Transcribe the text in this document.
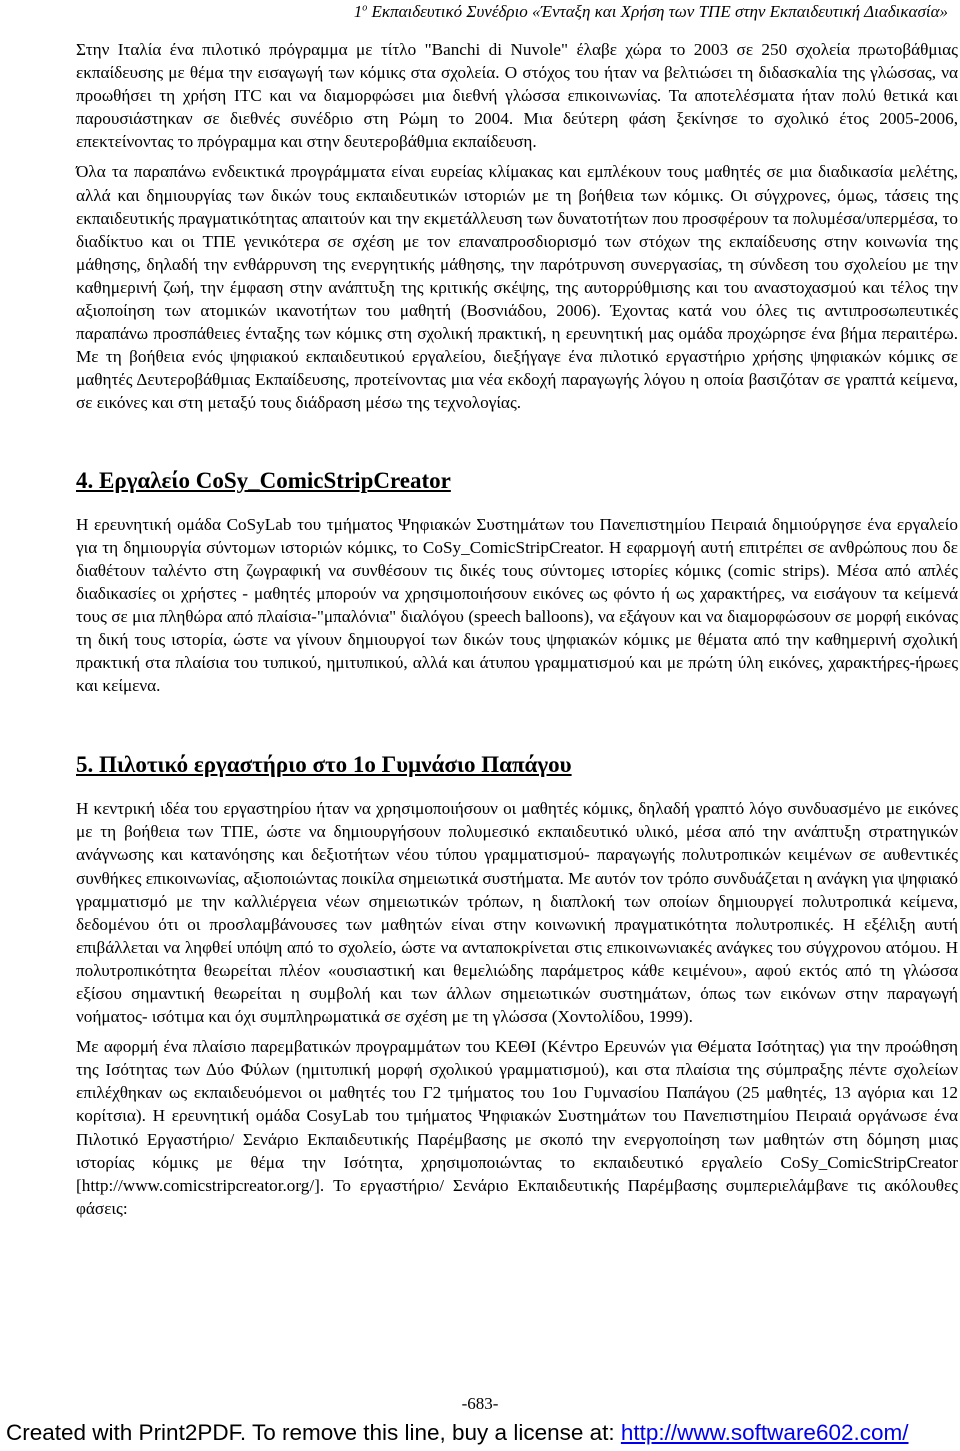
$1^o$ Εκπαιδευτικό Συνέδριο «Ένταξη και Χρήση των ΤΠΕ στην Εκπαιδευτική Διαδικασία»

Στην Ιταλία ένα πιλοτικό πρόγραμμα με τίτλο "Banchi di Nuvole" έλαβε χώρα το 2003 σε 250 σχολεία πρωτοβάθμιας εκπαίδευσης με θέμα την εισαγωγή των κόμικς στα σχολεία. Ο στόχος του ήταν να βελτιώσει τη διδασκαλία της γλώσσας, να προωθήσει τη χρήση ITC και να διαμορφώσει μια διεθνή γλώσσα επικοινωνίας. Τα αποτελέσματα ήταν πολύ θετικά και παρουσιάστηκαν σε διεθνές συνέδριο στη Ρώμη το 2004. Μια δεύτερη φάση ξεκίνησε το σχολικό έτος 2005-2006, επεκτείνοντας το πρόγραμμα και στην δευτεροβάθμια εκπαίδευση.

Όλα τα παραπάνω ενδεικτικά προγράμματα είναι ευρείας κλίμακας και εμπλέκουν τους μαθητές σε μια διαδικασία μελέτης, αλλά και δημιουργίας των δικών τους εκπαιδευτικών ιστοριών με τη βοήθεια των κόμικς. Οι σύγχρονες, όμως, τάσεις της εκπαιδευτικής πραγματικότητας απαιτούν και την εκμετάλλευση των δυνατοτήτων που προσφέρουν τα πολυμέσα/υπερμέσα, το διαδίκτυο και οι ΤΠΕ γενικότερα σε σχέση με τον επαναπροσδιορισμό των στόχων της εκπαίδευσης στην κοινωνία της μάθησης, δηλαδή την ενθάρρυνση της ενεργητικής μάθησης, την παρότρυνση συνεργασίας, τη σύνδεση του σχολείου με την καθημερινή ζωή, την έμφαση στην ανάπτυξη της κριτικής σκέψης, της αυτορρύθμισης και του αναστοχασμού και τέλος την αξιοποίηση των ατομικών ικανοτήτων του μαθητή (Βοσνιάδου, 2006). Έχοντας κατά νου όλες τις αντιπροσωπευτικές παραπάνω προσπάθειες ένταξης των κόμικς στη σχολική πρακτική, η ερευνητική μας ομάδα προχώρησε ένα βήμα περαιτέρω. Με τη βοήθεια ενός ψηφιακού εκπαιδευτικού εργαλείου, διεξήγαγε ένα πιλοτικό εργαστήριο χρήσης ψηφιακών κόμικς σε μαθητές Δευτεροβάθμιας Εκπαίδευσης, προτείνοντας μια νέα εκδοχή παραγωγής λόγου η οποία βασιζόταν σε γραπτά κείμενα, σε εικόνες και στη μεταξύ τους διάδραση μέσω της τεχνολογίας.

4. Εργαλείο CoSy_ComicStripCreator

Η ερευνητική ομάδα CoSyLab του τμήματος Ψηφιακών Συστημάτων του Πανεπιστημίου Πειραιά δημιούργησε ένα εργαλείο για τη δημιουργία σύντομων ιστοριών κόμικς, το CoSy_ComicStripCreator. Η εφαρμογή αυτή επιτρέπει σε ανθρώπους που δε διαθέτουν ταλέντο στη ζωγραφική να συνθέσουν τις δικές τους σύντομες ιστορίες κόμικς (comic strips). Μέσα από απλές διαδικασίες οι χρήστες - μαθητές μπορούν να χρησιμοποιήσουν εικόνες ως φόντο ή ως χαρακτήρες, να εισάγουν τα κείμενά τους σε μια πληθώρα από πλαίσια-"μπαλόνια" διαλόγου (speech balloons), να εξάγουν και να διαμορφώσουν σε μορφή εικόνας τη δική τους ιστορία, ώστε να γίνουν δημιουργοί των δικών τους ψηφιακών κόμικς με θέματα από την καθημερινή σχολική πρακτική στα πλαίσια του τυπικού, ημιτυπικού, αλλά και άτυπου γραμματισμού και με πρώτη ύλη εικόνες, χαρακτήρες-ήρωες και κείμενα.

5. Πιλοτικό εργαστήριο στο 1ο Γυμνάσιο Παπάγου

Η κεντρική ιδέα του εργαστηρίου ήταν να χρησιμοποιήσουν οι μαθητές κόμικς, δηλαδή γραπτό λόγο συνδυασμένο με εικόνες με τη βοήθεια των ΤΠΕ, ώστε να δημιουργήσουν πολυμεσικό εκπαιδευτικό υλικό, μέσα από την ανάπτυξη στρατηγικών ανάγνωσης και κατανόησης και δεξιοτήτων νέου τύπου γραμματισμού- παραγωγής πολυτροπικών κειμένων σε αυθεντικές συνθήκες επικοινωνίας, αξιοποιώντας ποικίλα σημειωτικά συστήματα. Με αυτόν τον τρόπο συνδυάζεται η ανάγκη για ψηφιακό γραμματισμό με την καλλιέργεια νέων σημειωτικών τρόπων, η διαπλοκή των οποίων δημιουργεί πολυτροπικά κείμενα, δεδομένου ότι οι προσλαμβάνουσες των μαθητών είναι στην κοινωνική πραγματικότητα πολυτροπικές. Η εξέλιξη αυτή επιβάλλεται να ληφθεί υπόψη από το σχολείο, ώστε να ανταποκρίνεται στις επικοινωνιακές ανάγκες του σύγχρονου ατόμου. Η πολυτροπικότητα θεωρείται πλέον «ουσιαστική και θεμελιώδης παράμετρος κάθε κειμένου», αφού εκτός από τη γλώσσα εξίσου σημαντική θεωρείται η συμβολή και των άλλων σημειωτικών συστημάτων, όπως των εικόνων στην παραγωγή νοήματος- ισότιμα και όχι συμπληρωματικά σε σχέση με τη γλώσσα (Χοντολίδου, 1999).

Με αφορμή ένα πλαίσιο παρεμβατικών προγραμμάτων του ΚΕΘΙ (Κέντρο Ερευνών για Θέματα Ισότητας) για την προώθηση της Ισότητας των Δύο Φύλων (ημιτυπική μορφή σχολικού γραμματισμού), και στα πλαίσια της σύμπραξης πέντε σχολείων επιλέχθηκαν ως εκπαιδευόμενοι οι μαθητές του Γ2 τμήματος του 1ου Γυμνασίου Παπάγου (25 μαθητές, 13 αγόρια και 12 κορίτσια). Η ερευνητική ομάδα CosyLab του τμήματος Ψηφιακών Συστημάτων του Πανεπιστημίου Πειραιά οργάνωσε ένα Πιλοτικό Εργαστήριο/ Σενάριο Εκπαιδευτικής Παρέμβασης με σκοπό την ενεργοποίηση των μαθητών στη δόμηση μιας ιστορίας κόμικς με θέμα την Ισότητα, χρησιμοποιώντας το εκπαιδευτικό εργαλείο CoSy_ComicStripCreator [http://www.comicstripcreator.org/]. Το εργαστήριο/ Σενάριο Εκπαιδευτικής Παρέμβασης συμπεριελάμβανε τις ακόλουθες φάσεις:

-683-
Created with Print2PDF. To remove this line, buy a license at: http://www.software602.com/
